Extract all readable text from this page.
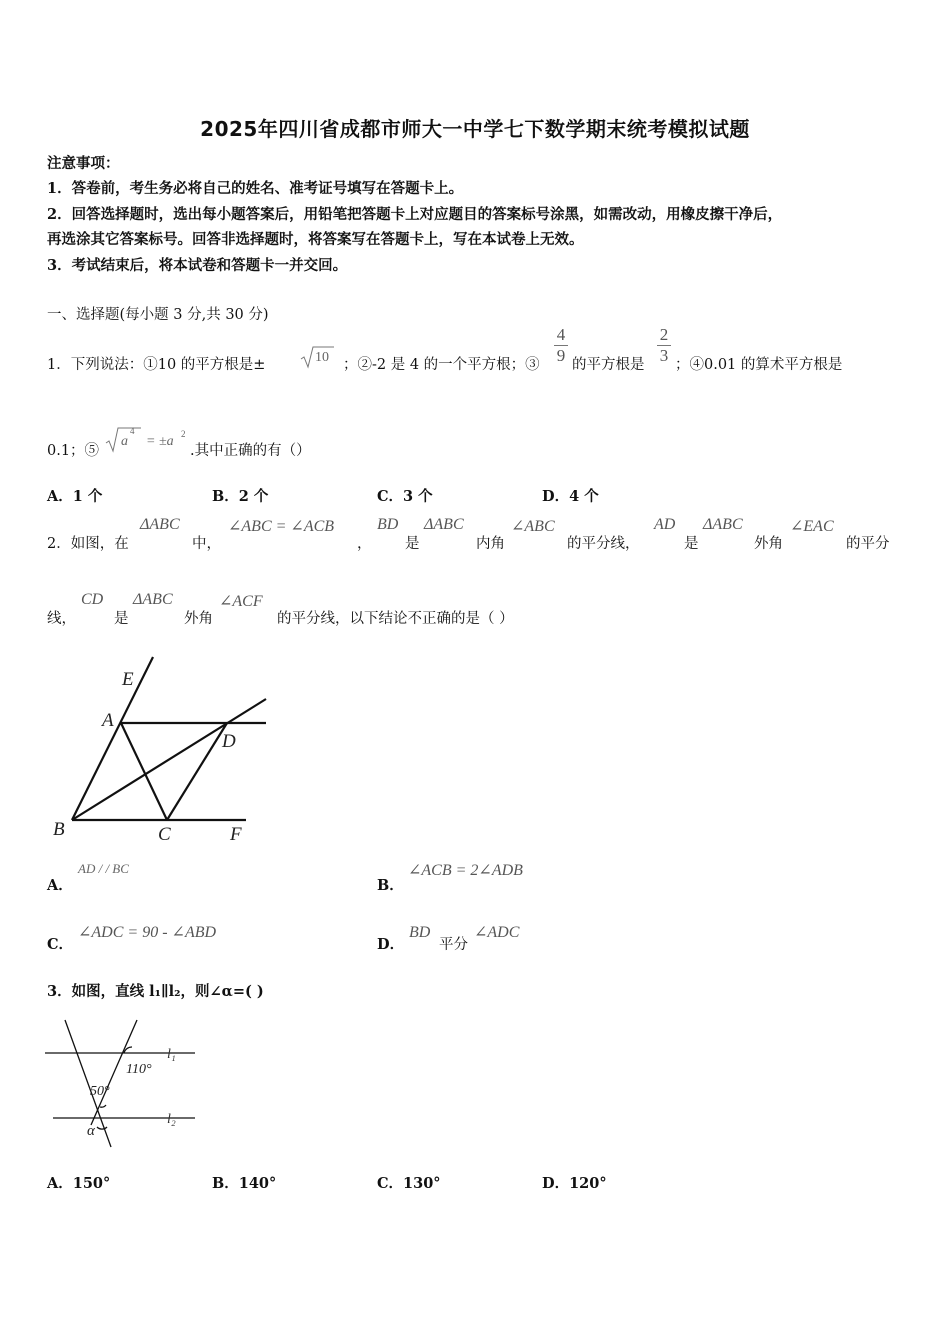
2025年四川省成都市师大一中学七下数学期末统考模拟试题
注意事项：
1．答卷前，考生务必将自己的姓名、准考证号填写在答题卡上。
2．回答选择题时，选出每小题答案后，用铅笔把答题卡上对应题目的答案标号涂黑，如需改动，用橡皮擦干净后，
再选涂其它答案标号。回答非选择题时，将答案写在答题卡上，写在本试卷上无效。
3．考试结束后，将本试卷和答题卡一并交回。
一、选择题(每小题 3 分,共 30 分)
1．下列说法：①10 的平方根是±	10 ；②-2 是 4 的一个平方根；③
4
9 的平方根是
2
3 ；④0.01 的算术平方根是
0.1；⑤
a
4
= ±a 2
.其中正确的有（）
A．1 个	B．2 个	C．3 个	D．4 个
2．如图，在
ΔABC
中，
∠ABC = ∠ACB
，
BD
是
ΔABC
内角
∠ABC
的平分线，
AD
是
ΔABC
外角
∠EAC
的平分
线，
CD
是
ΔABC
外角
∠ACF
的平分线，以下结论不正确的是（ ）
E
A
D
B	C	F
A．
AD / / BC
B．
∠ACB = 2∠ADB
C．
∠ADC = 90 - ∠ABD
D．
BD
平分
∠ADC
3．如图，直线 l₁∥l₂，则∠α=( )
110°
50°
α
l₁
l₂
A．150°	B．140°	C．130°	D．120°
